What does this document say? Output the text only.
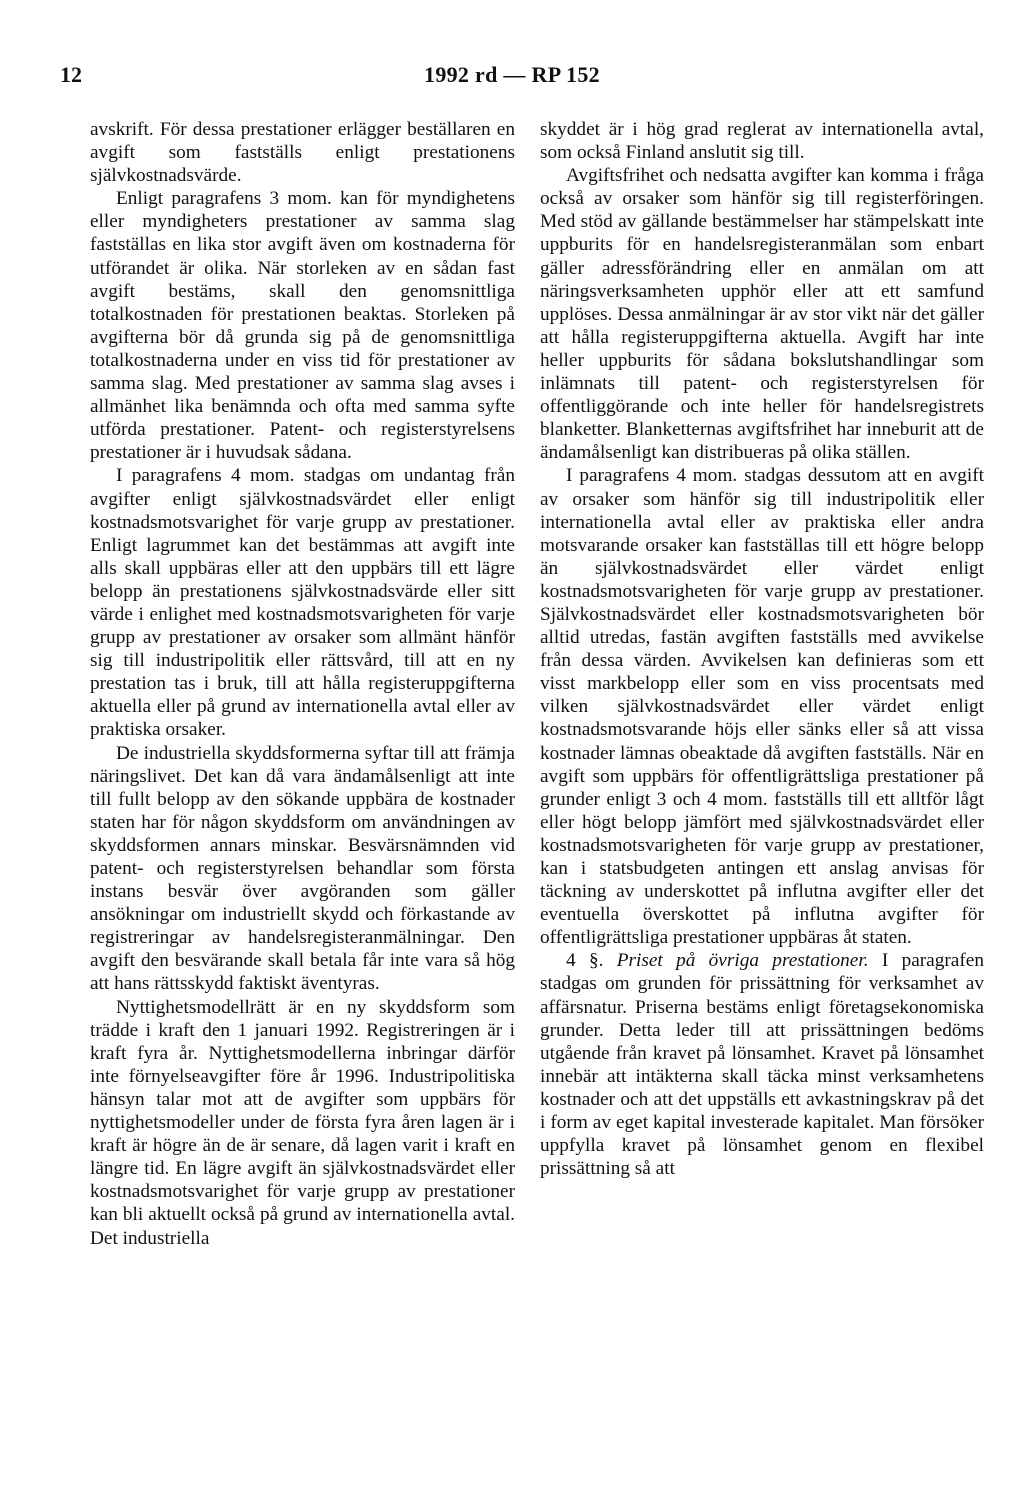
12	1992 rd — RP 152

avskrift. För dessa prestationer erlägger beställaren en avgift som fastställs enligt prestationens självkostnadsvärde.

Enligt paragrafens 3 mom. kan för myndighetens eller myndigheters prestationer av samma slag fastställas en lika stor avgift även om kostnaderna för utförandet är olika. När storleken av en sådan fast avgift bestäms, skall den genomsnittliga totalkostnaden för prestationen beaktas. Storleken på avgifterna bör då grunda sig på de genomsnittliga totalkostnaderna under en viss tid för prestationer av samma slag. Med prestationer av samma slag avses i allmänhet lika benämnda och ofta med samma syfte utförda prestationer. Patent- och registerstyrelsens prestationer är i huvudsak sådana.

I paragrafens 4 mom. stadgas om undantag från avgifter enligt självkostnadsvärdet eller enligt kostnadsmotsvarighet för varje grupp av prestationer. Enligt lagrummet kan det bestämmas att avgift inte alls skall uppbäras eller att den uppbärs till ett lägre belopp än prestationens självkostnadsvärde eller sitt värde i enlighet med kostnadsmotsvarigheten för varje grupp av prestationer av orsaker som allmänt hänför sig till industripolitik eller rättsvård, till att en ny prestation tas i bruk, till att hålla registeruppgifterna aktuella eller på grund av internationella avtal eller av praktiska orsaker.

De industriella skyddsformerna syftar till att främja näringslivet. Det kan då vara ändamålsenligt att inte till fullt belopp av den sökande uppbära de kostnader staten har för någon skyddsform om användningen av skyddsformen annars minskar. Besvärsnämnden vid patent- och registerstyrelsen behandlar som första instans besvär över avgöranden som gäller ansökningar om industriellt skydd och förkastande av registreringar av handelsregisteranmälningar. Den avgift den besvärande skall betala får inte vara så hög att hans rättsskydd faktiskt äventyras.

Nyttighetsmodellrätt är en ny skyddsform som trädde i kraft den 1 januari 1992. Registreringen är i kraft fyra år. Nyttighetsmodellerna inbringar därför inte förnyelseavgifter före år 1996. Industripolitiska hänsyn talar mot att de avgifter som uppbärs för nyttighetsmodeller under de första fyra åren lagen är i kraft är högre än de är senare, då lagen varit i kraft en längre tid. En lägre avgift än självkostnadsvärdet eller kostnadsmotsvarighet för varje grupp av prestationer kan bli aktuellt också på grund av internationella avtal. Det industriella

skyddet är i hög grad reglerat av internationella avtal, som också Finland anslutit sig till.

Avgiftsfrihet och nedsatta avgifter kan komma i fråga också av orsaker som hänför sig till registerföringen. Med stöd av gällande bestämmelser har stämpelskatt inte uppburits för en handelsregisteranmälan som enbart gäller adressförändring eller en anmälan om att näringsverksamheten upphör eller att ett samfund upplöses. Dessa anmälningar är av stor vikt när det gäller att hålla registeruppgifterna aktuella. Avgift har inte heller uppburits för sådana bokslutshandlingar som inlämnats till patent- och registerstyrelsen för offentliggörande och inte heller för handelsregistrets blanketter. Blanketternas avgiftsfrihet har inneburit att de ändamålsenligt kan distribueras på olika ställen.

I paragrafens 4 mom. stadgas dessutom att en avgift av orsaker som hänför sig till industripolitik eller internationella avtal eller av praktiska eller andra motsvarande orsaker kan fastställas till ett högre belopp än självkostnadsvärdet eller värdet enligt kostnadsmotsvarigheten för varje grupp av prestationer. Självkostnadsvärdet eller kostnadsmotsvarigheten bör alltid utredas, fastän avgiften fastställs med avvikelse från dessa värden. Avvikelsen kan definieras som ett visst markbelopp eller som en viss procentsats med vilken självkostnadsvärdet eller värdet enligt kostnadsmotsvarande höjs eller sänks eller så att vissa kostnader lämnas obeaktade då avgiften fastställs. När en avgift som uppbärs för offentligrättsliga prestationer på grunder enligt 3 och 4 mom. fastställs till ett alltför lågt eller högt belopp jämfört med självkostnadsvärdet eller kostnadsmotsvarigheten för varje grupp av prestationer, kan i statsbudgeten antingen ett anslag anvisas för täckning av underskottet på influtna avgifter eller det eventuella överskottet på influtna avgifter för offentligrättsliga prestationer uppbäras åt staten.

4 §. Priset på övriga prestationer. I paragrafen stadgas om grunden för prissättning för verksamhet av affärsnatur. Priserna bestäms enligt företagsekonomiska grunder. Detta leder till att prissättningen bedöms utgående från kravet på lönsamhet. Kravet på lönsamhet innebär att intäkterna skall täcka minst verksamhetens kostnader och att det uppställs ett avkastningskrav på det i form av eget kapital investerade kapitalet. Man försöker uppfylla kravet på lönsamhet genom en flexibel prissättning så att
